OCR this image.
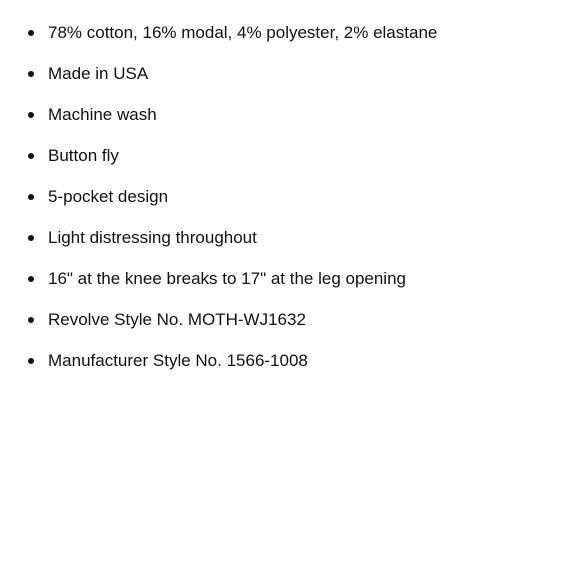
78% cotton, 16% modal, 4% polyester, 2% elastane
Made in USA
Machine wash
Button fly
5-pocket design
Light distressing throughout
16" at the knee breaks to 17" at the leg opening
Revolve Style No. MOTH-WJ1632
Manufacturer Style No. 1566-1008
